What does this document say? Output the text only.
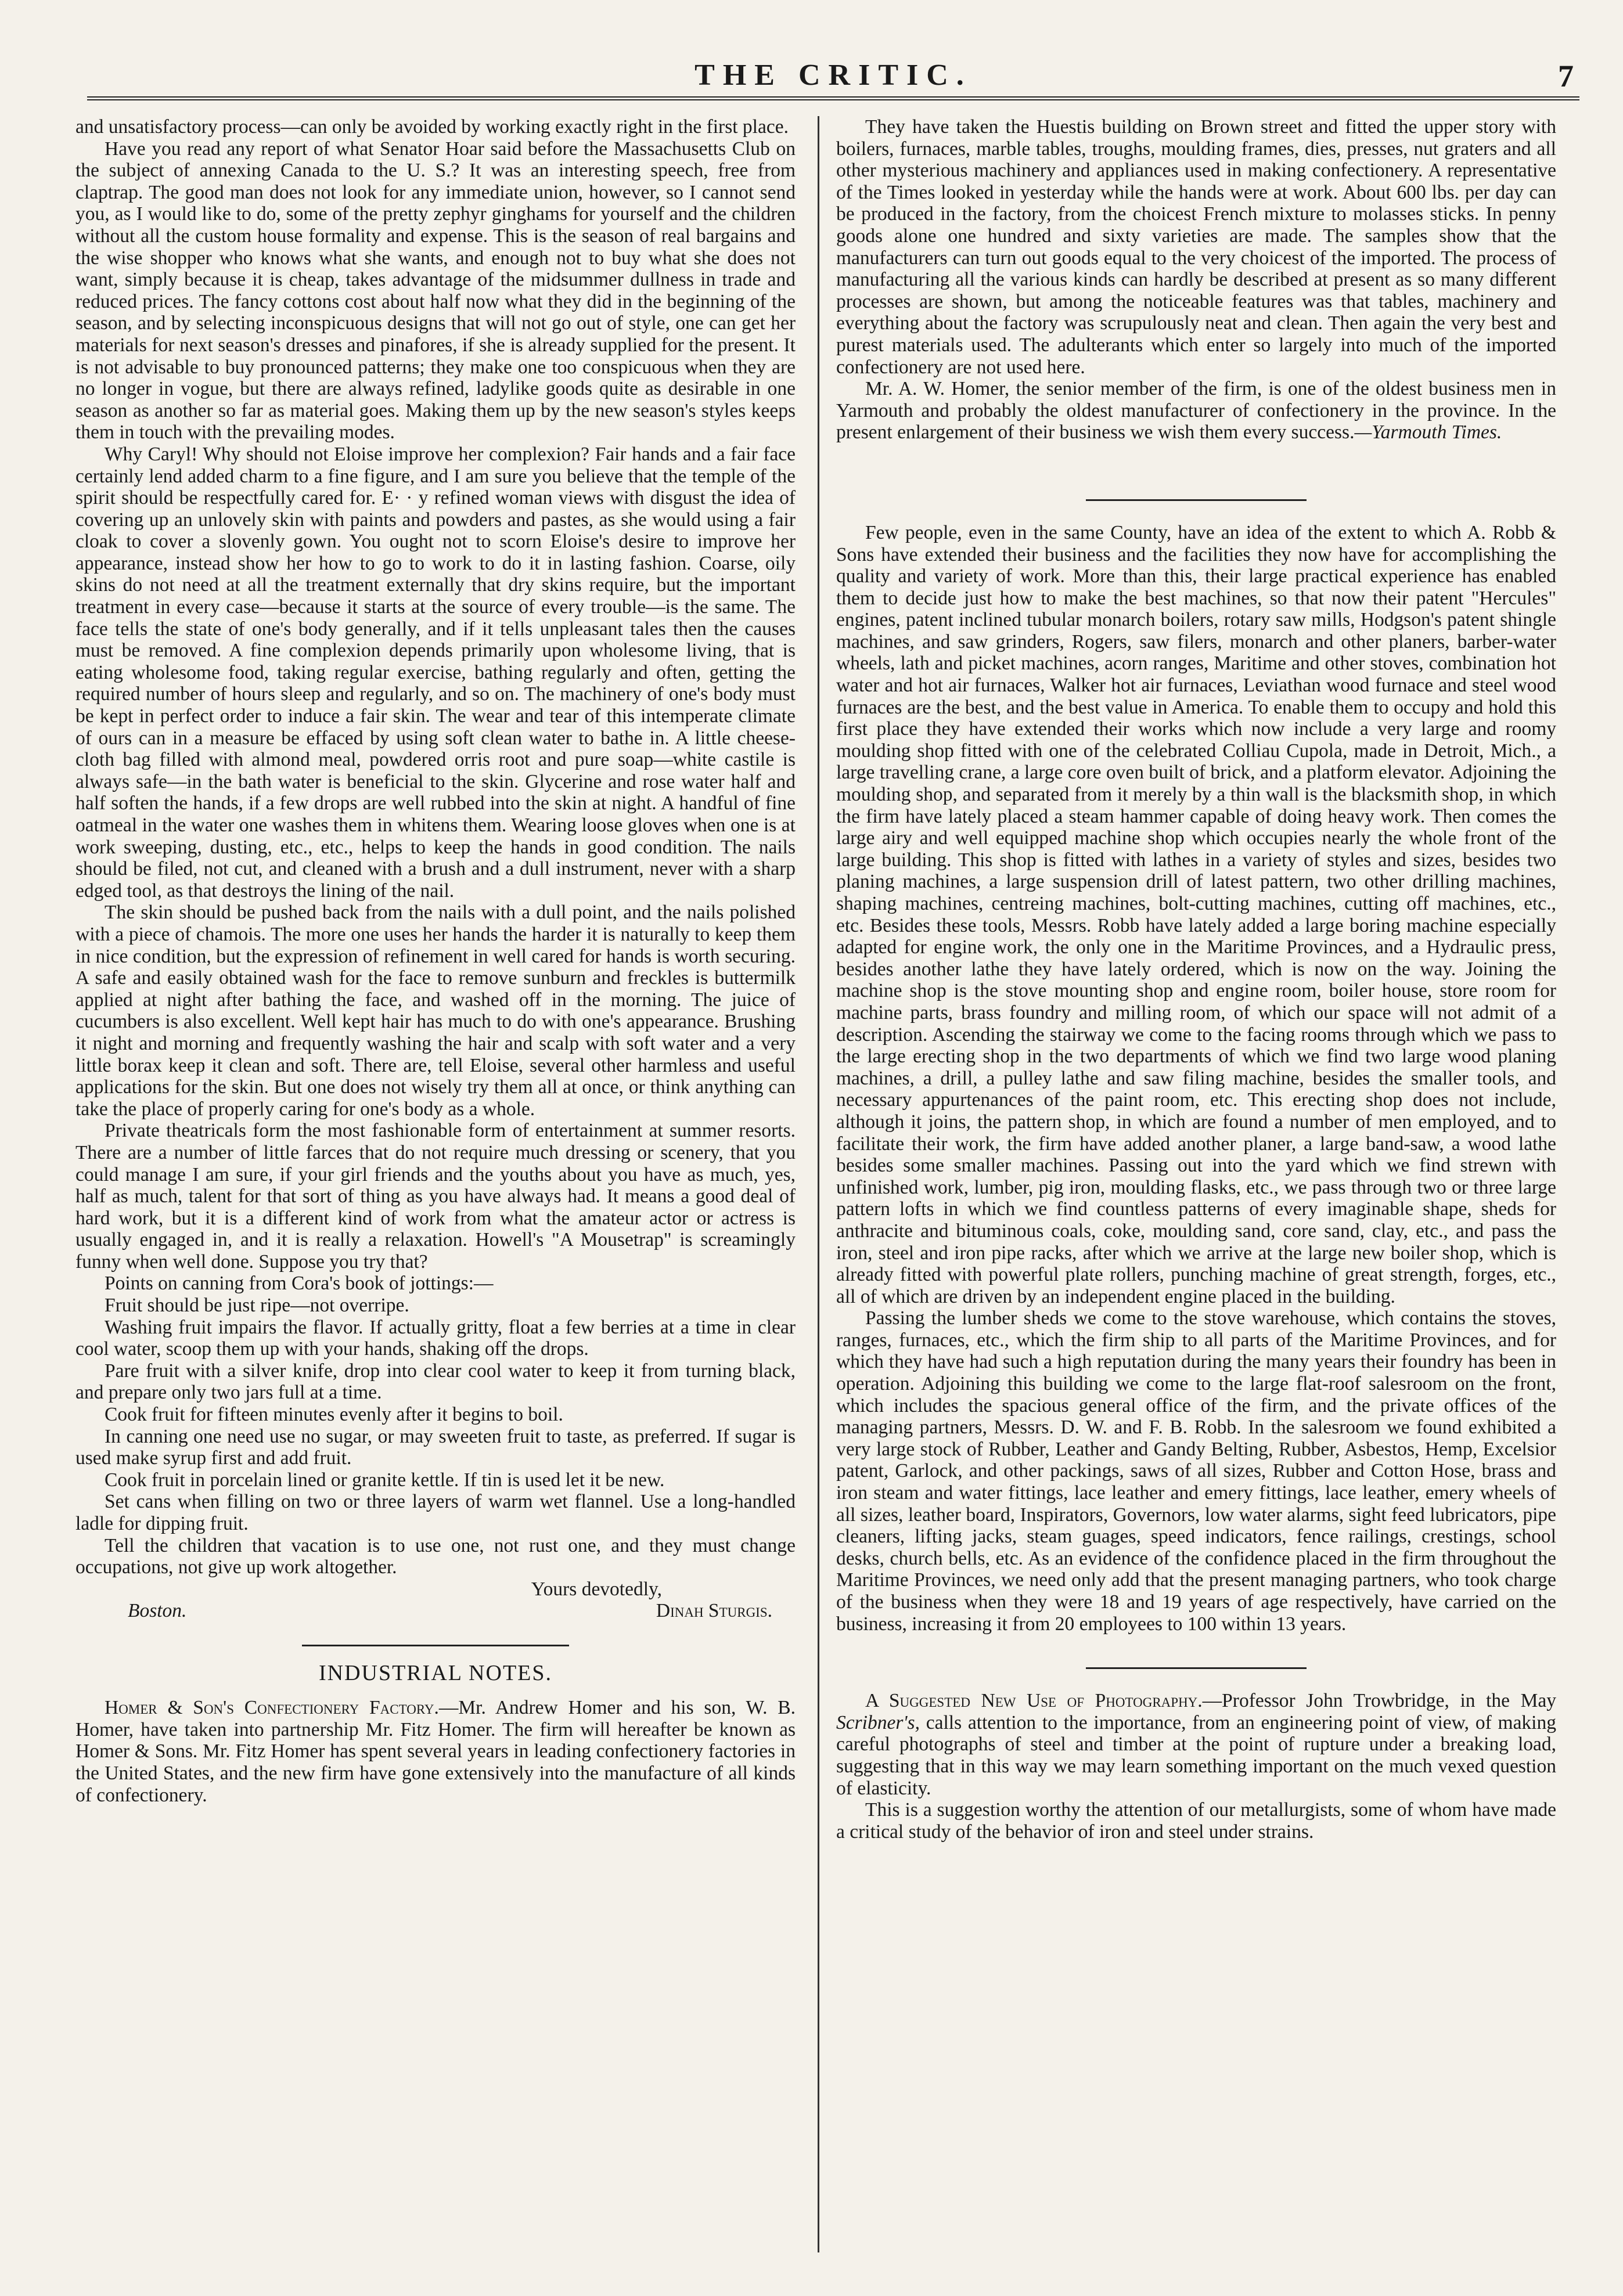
THE CRITIC.	7

and unsatisfactory process—can only be avoided by working exactly right in the first place.

Have you read any report of what Senator Hoar said before the Massachusetts Club on the subject of annexing Canada to the U. S.? It was an interesting speech, free from claptrap. The good man does not look for any immediate union, however, so I cannot send you, as I would like to do, some of the pretty zephyr ginghams for yourself and the children without all the custom house formality and expense. This is the season of real bargains and the wise shopper who knows what she wants, and enough not to buy what she does not want, simply because it is cheap, takes advantage of the midsummer dullness in trade and reduced prices. The fancy cottons cost about half now what they did in the beginning of the season, and by selecting inconspicuous designs that will not go out of style, one can get her materials for next season's dresses and pinafores, if she is already supplied for the present. It is not advisable to buy pronounced patterns; they make one too conspicuous when they are no longer in vogue, but there are always refined, ladylike goods quite as desirable in one season as another so far as material goes. Making them up by the new season's styles keeps them in touch with the prevailing modes.

Why Caryl! Why should not Eloise improve her complexion? Fair hands and a fair face certainly lend added charm to a fine figure, and I am sure you believe that the temple of the spirit should be respectfully cared for. E· · y refined woman views with disgust the idea of covering up an unlovely skin with paints and powders and pastes, as she would using a fair cloak to cover a slovenly gown. You ought not to scorn Eloise's desire to improve her appearance, instead show her how to go to work to do it in lasting fashion. Coarse, oily skins do not need at all the treatment externally that dry skins require, but the important treatment in every case—because it starts at the source of every trouble—is the same. The face tells the state of one's body generally, and if it tells unpleasant tales then the causes must be removed. A fine complexion depends primarily upon wholesome living, that is eating wholesome food, taking regular exercise, bathing regularly and often, getting the required number of hours sleep and regularly, and so on. The machinery of one's body must be kept in perfect order to induce a fair skin. The wear and tear of this intemperate climate of ours can in a measure be effaced by using soft clean water to bathe in. A little cheese-cloth bag filled with almond meal, powdered orris root and pure soap—white castile is always safe—in the bath water is beneficial to the skin. Glycerine and rose water half and half soften the hands, if a few drops are well rubbed into the skin at night. A handful of fine oatmeal in the water one washes them in whitens them. Wearing loose gloves when one is at work sweeping, dusting, etc., etc., helps to keep the hands in good condition. The nails should be filed, not cut, and cleaned with a brush and a dull instrument, never with a sharp edged tool, as that destroys the lining of the nail.

The skin should be pushed back from the nails with a dull point, and the nails polished with a piece of chamois. The more one uses her hands the harder it is naturally to keep them in nice condition, but the expression of refinement in well cared for hands is worth securing. A safe and easily obtained wash for the face to remove sunburn and freckles is buttermilk applied at night after bathing the face, and washed off in the morning. The juice of cucumbers is also excellent. Well kept hair has much to do with one's appearance. Brushing it night and morning and frequently washing the hair and scalp with soft water and a very little borax keep it clean and soft. There are, tell Eloise, several other harmless and useful applications for the skin. But one does not wisely try them all at once, or think anything can take the place of properly caring for one's body as a whole.

Private theatricals form the most fashionable form of entertainment at summer resorts. There are a number of little farces that do not require much dressing or scenery, that you could manage I am sure, if your girl friends and the youths about you have as much, yes, half as much, talent for that sort of thing as you have always had. It means a good deal of hard work, but it is a different kind of work from what the amateur actor or actress is usually engaged in, and it is really a relaxation. Howell's "A Mousetrap" is screamingly funny when well done. Suppose you try that?

Points on canning from Cora's book of jottings:—

Fruit should be just ripe—not overripe.

Washing fruit impairs the flavor. If actually gritty, float a few berries at a time in clear cool water, scoop them up with your hands, shaking off the drops.

Pare fruit with a silver knife, drop into clear cool water to keep it from turning black, and prepare only two jars full at a time.

Cook fruit for fifteen minutes evenly after it begins to boil.

In canning one need use no sugar, or may sweeten fruit to taste, as preferred. If sugar is used make syrup first and add fruit.

Cook fruit in porcelain lined or granite kettle. If tin is used let it be new.

Set cans when filling on two or three layers of warm wet flannel. Use a long-handled ladle for dipping fruit.

Tell the children that vacation is to use one, not rust one, and they must change occupations, not give up work altogether.

Yours devotedly,

Boston.	Dinah Sturgis.
INDUSTRIAL NOTES.

Homer & Son's Confectionery Factory.—Mr. Andrew Homer and his son, W. B. Homer, have taken into partnership Mr. Fitz Homer. The firm will hereafter be known as Homer & Sons. Mr. Fitz Homer has spent several years in leading confectionery factories in the United States, and the new firm have gone extensively into the manufacture of all kinds of confectionery.

They have taken the Huestis building on Brown street and fitted the upper story with boilers, furnaces, marble tables, troughs, moulding frames, dies, presses, nut graters and all other mysterious machinery and appliances used in making confectionery. A representative of the Times looked in yesterday while the hands were at work. About 600 lbs. per day can be produced in the factory, from the choicest French mixture to molasses sticks. In penny goods alone one hundred and sixty varieties are made. The samples show that the manufacturers can turn out goods equal to the very choicest of the imported. The process of manufacturing all the various kinds can hardly be described at present as so many different processes are shown, but among the noticeable features was that tables, machinery and everything about the factory was scrupulously neat and clean. Then again the very best and purest materials used. The adulterants which enter so largely into much of the imported confectionery are not used here.

Mr. A. W. Homer, the senior member of the firm, is one of the oldest business men in Yarmouth and probably the oldest manufacturer of confectionery in the province. In the present enlargement of their business we wish them every success.—Yarmouth Times.

Few people, even in the same County, have an idea of the extent to which A. Robb & Sons have extended their business and the facilities they now have for accomplishing the quality and variety of work. More than this, their large practical experience has enabled them to decide just how to make the best machines, so that now their patent "Hercules" engines, patent inclined tubular monarch boilers, rotary saw mills, Hodgson's patent shingle machines, and saw grinders, Rogers, saw filers, monarch and other planers, barber-water wheels, lath and picket machines, acorn ranges, Maritime and other stoves, combination hot water and hot air furnaces, Walker hot air furnaces, Leviathan wood furnace and steel wood furnaces are the best, and the best value in America. To enable them to occupy and hold this first place they have extended their works which now include a very large and roomy moulding shop fitted with one of the celebrated Colliau Cupola, made in Detroit, Mich., a large travelling crane, a large core oven built of brick, and a platform elevator. Adjoining the moulding shop, and separated from it merely by a thin wall is the blacksmith shop, in which the firm have lately placed a steam hammer capable of doing heavy work. Then comes the large airy and well equipped machine shop which occupies nearly the whole front of the large building. This shop is fitted with lathes in a variety of styles and sizes, besides two planing machines, a large suspension drill of latest pattern, two other drilling machines, shaping machines, centreing machines, bolt-cutting machines, cutting off machines, etc., etc. Besides these tools, Messrs. Robb have lately added a large boring machine especially adapted for engine work, the only one in the Maritime Provinces, and a Hydraulic press, besides another lathe they have lately ordered, which is now on the way. Joining the machine shop is the stove mounting shop and engine room, boiler house, store room for machine parts, brass foundry and milling room, of which our space will not admit of a description. Ascending the stairway we come to the facing rooms through which we pass to the large erecting shop in the two departments of which we find two large wood planing machines, a drill, a pulley lathe and saw filing machine, besides the smaller tools, and necessary appurtenances of the paint room, etc. This erecting shop does not include, although it joins, the pattern shop, in which are found a number of men employed, and to facilitate their work, the firm have added another planer, a large band-saw, a wood lathe besides some smaller machines. Passing out into the yard which we find strewn with unfinished work, lumber, pig iron, moulding flasks, etc., we pass through two or three large pattern lofts in which we find countless patterns of every imaginable shape, sheds for anthracite and bituminous coals, coke, moulding sand, core sand, clay, etc., and pass the iron, steel and iron pipe racks, after which we arrive at the large new boiler shop, which is already fitted with powerful plate rollers, punching machine of great strength, forges, etc., all of which are driven by an independent engine placed in the building.

Passing the lumber sheds we come to the stove warehouse, which contains the stoves, ranges, furnaces, etc., which the firm ship to all parts of the Maritime Provinces, and for which they have had such a high reputation during the many years their foundry has been in operation. Adjoining this building we come to the large flat-roof salesroom on the front, which includes the spacious general office of the firm, and the private offices of the managing partners, Messrs. D. W. and F. B. Robb. In the salesroom we found exhibited a very large stock of Rubber, Leather and Gandy Belting, Rubber, Asbestos, Hemp, Excelsior patent, Garlock, and other packings, saws of all sizes, Rubber and Cotton Hose, brass and iron steam and water fittings, lace leather and emery fittings, lace leather, emery wheels of all sizes, leather board, Inspirators, Governors, low water alarms, sight feed lubricators, pipe cleaners, lifting jacks, steam guages, speed indicators, fence railings, crestings, school desks, church bells, etc. As an evidence of the confidence placed in the firm throughout the Maritime Provinces, we need only add that the present managing partners, who took charge of the business when they were 18 and 19 years of age respectively, have carried on the business, increasing it from 20 employees to 100 within 13 years.

A Suggested New Use of Photography.—Professor John Trowbridge, in the May Scribner's, calls attention to the importance, from an engineering point of view, of making careful photographs of steel and timber at the point of rupture under a breaking load, suggesting that in this way we may learn something important on the much vexed question of elasticity.

This is a suggestion worthy the attention of our metallurgists, some of whom have made a critical study of the behavior of iron and steel under strains.
